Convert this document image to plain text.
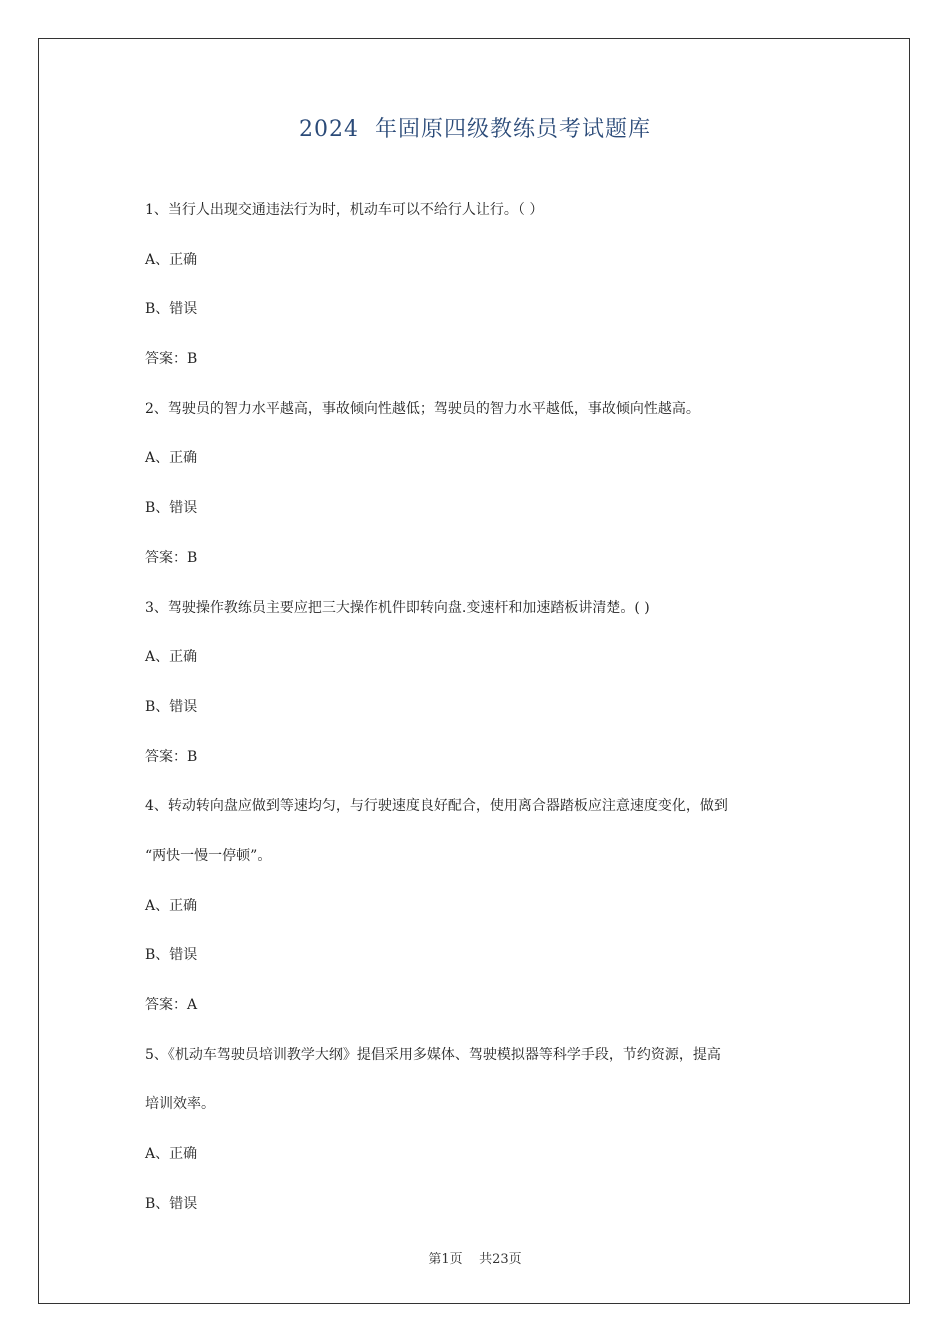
2024  年固原四级教练员考试题库
1、当行人出现交通违法行为时，机动车可以不给行人让行。（ ）
A、正确
B、错误
答案：B
2、驾驶员的智力水平越高，事故倾向性越低；驾驶员的智力水平越低，事故倾向性越高。
A、正确
B、错误
答案：B
3、驾驶操作教练员主要应把三大操作机件即转向盘.变速杆和加速踏板讲清楚。( )
A、正确
B、错误
答案：B
4、转动转向盘应做到等速均匀，与行驶速度良好配合，使用离合器踏板应注意速度变化，做到
“两快一慢一停顿”。
A、正确
B、错误
答案：A
5、《机动车驾驶员培训教学大纲》提倡采用多媒体、驾驶模拟器等科学手段，节约资源，提高
培训效率。
A、正确
B、错误
第1页    共23页
